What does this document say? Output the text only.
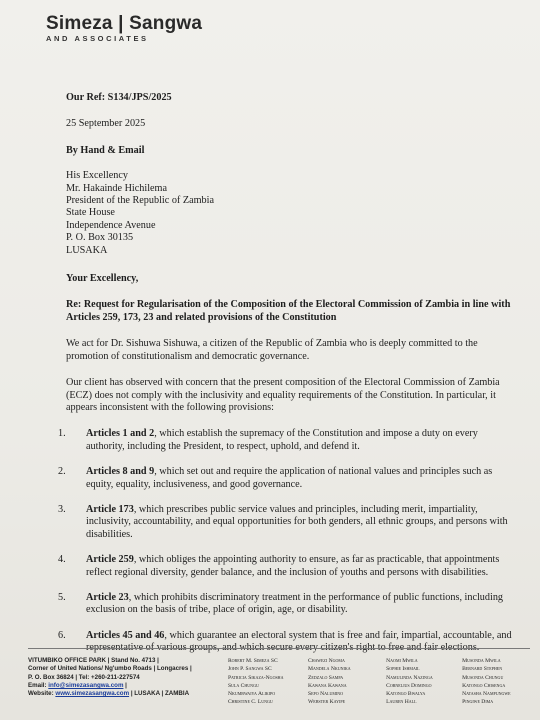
Simeza | Sangwa
AND ASSOCIATES
Our Ref: S134/JPS/2025
25 September 2025
By Hand & Email
His Excellency
Mr. Hakainde Hichilema
President of the Republic of Zambia
State House
Independence Avenue
P. O. Box 30135
LUSAKA
Your Excellency,
Re: Request for Regularisation of the Composition of the Electoral Commission of Zambia in line with Articles 259, 173, 23 and related provisions of the Constitution
We act for Dr. Sishuwa Sishuwa, a citizen of the Republic of Zambia who is deeply committed to the promotion of constitutionalism and democratic governance.
Our client has observed with concern that the present composition of the Electoral Commission of Zambia (ECZ) does not comply with the inclusivity and equality requirements of the Constitution. In particular, it appears inconsistent with the following provisions:
1.	Articles 1 and 2, which establish the supremacy of the Constitution and impose a duty on every authority, including the President, to respect, uphold, and defend it.
2.	Articles 8 and 9, which set out and require the application of national values and principles such as equity, equality, inclusiveness, and good governance.
3.	Article 173, which prescribes public service values and principles, including merit, impartiality, inclusivity, accountability, and equal opportunities for both genders, all ethnic groups, and persons with disabilities.
4.	Article 259, which obliges the appointing authority to ensure, as far as practicable, that appointments reflect regional diversity, gender balance, and the inclusion of youths and persons with disabilities.
5.	Article 23, which prohibits discriminatory treatment in the performance of public functions, including exclusion on the basis of tribe, place of origin, age, or disability.
6.	Articles 45 and 46, which guarantee an electoral system that is free and fair, impartial, accountable, and representative of various groups, and which secure every citizen's right to free and fair elections.
VITUMBIKO OFFICE PARK | Stand No. 4713 |
Corner of United Nations/ Ng'umbo Roads | Longacres |
P. O. Box 36824 | Tel: +260-211-227574
Email: info@simezasangwa.com |
Website: www.simezasangwa.com | LUSAKA | ZAMBIA
Robert M. Simeza SC
John P. Sangwa SC
Patricia Sikaza-Ngosha
Sula Chungu
Nkumbwaiya Alikipo
Christine C. Lungu
Chawezi Ngoma
Mandela Nkunika
Zedzalo Sampa
Kawana Kawana
Sepo Nalumino
Webster Kayipe
Naomi Mwila
Sophie Ishmail
Namulinda Nazinga
Cornelius Domingo
Katongo Bwalya
Lauren Hall
Musonda Mwila
Bernard Stephen
Musonda Chungu
Katongo Chisenga
Natasha Nampungwe
Pingiwe Dima
